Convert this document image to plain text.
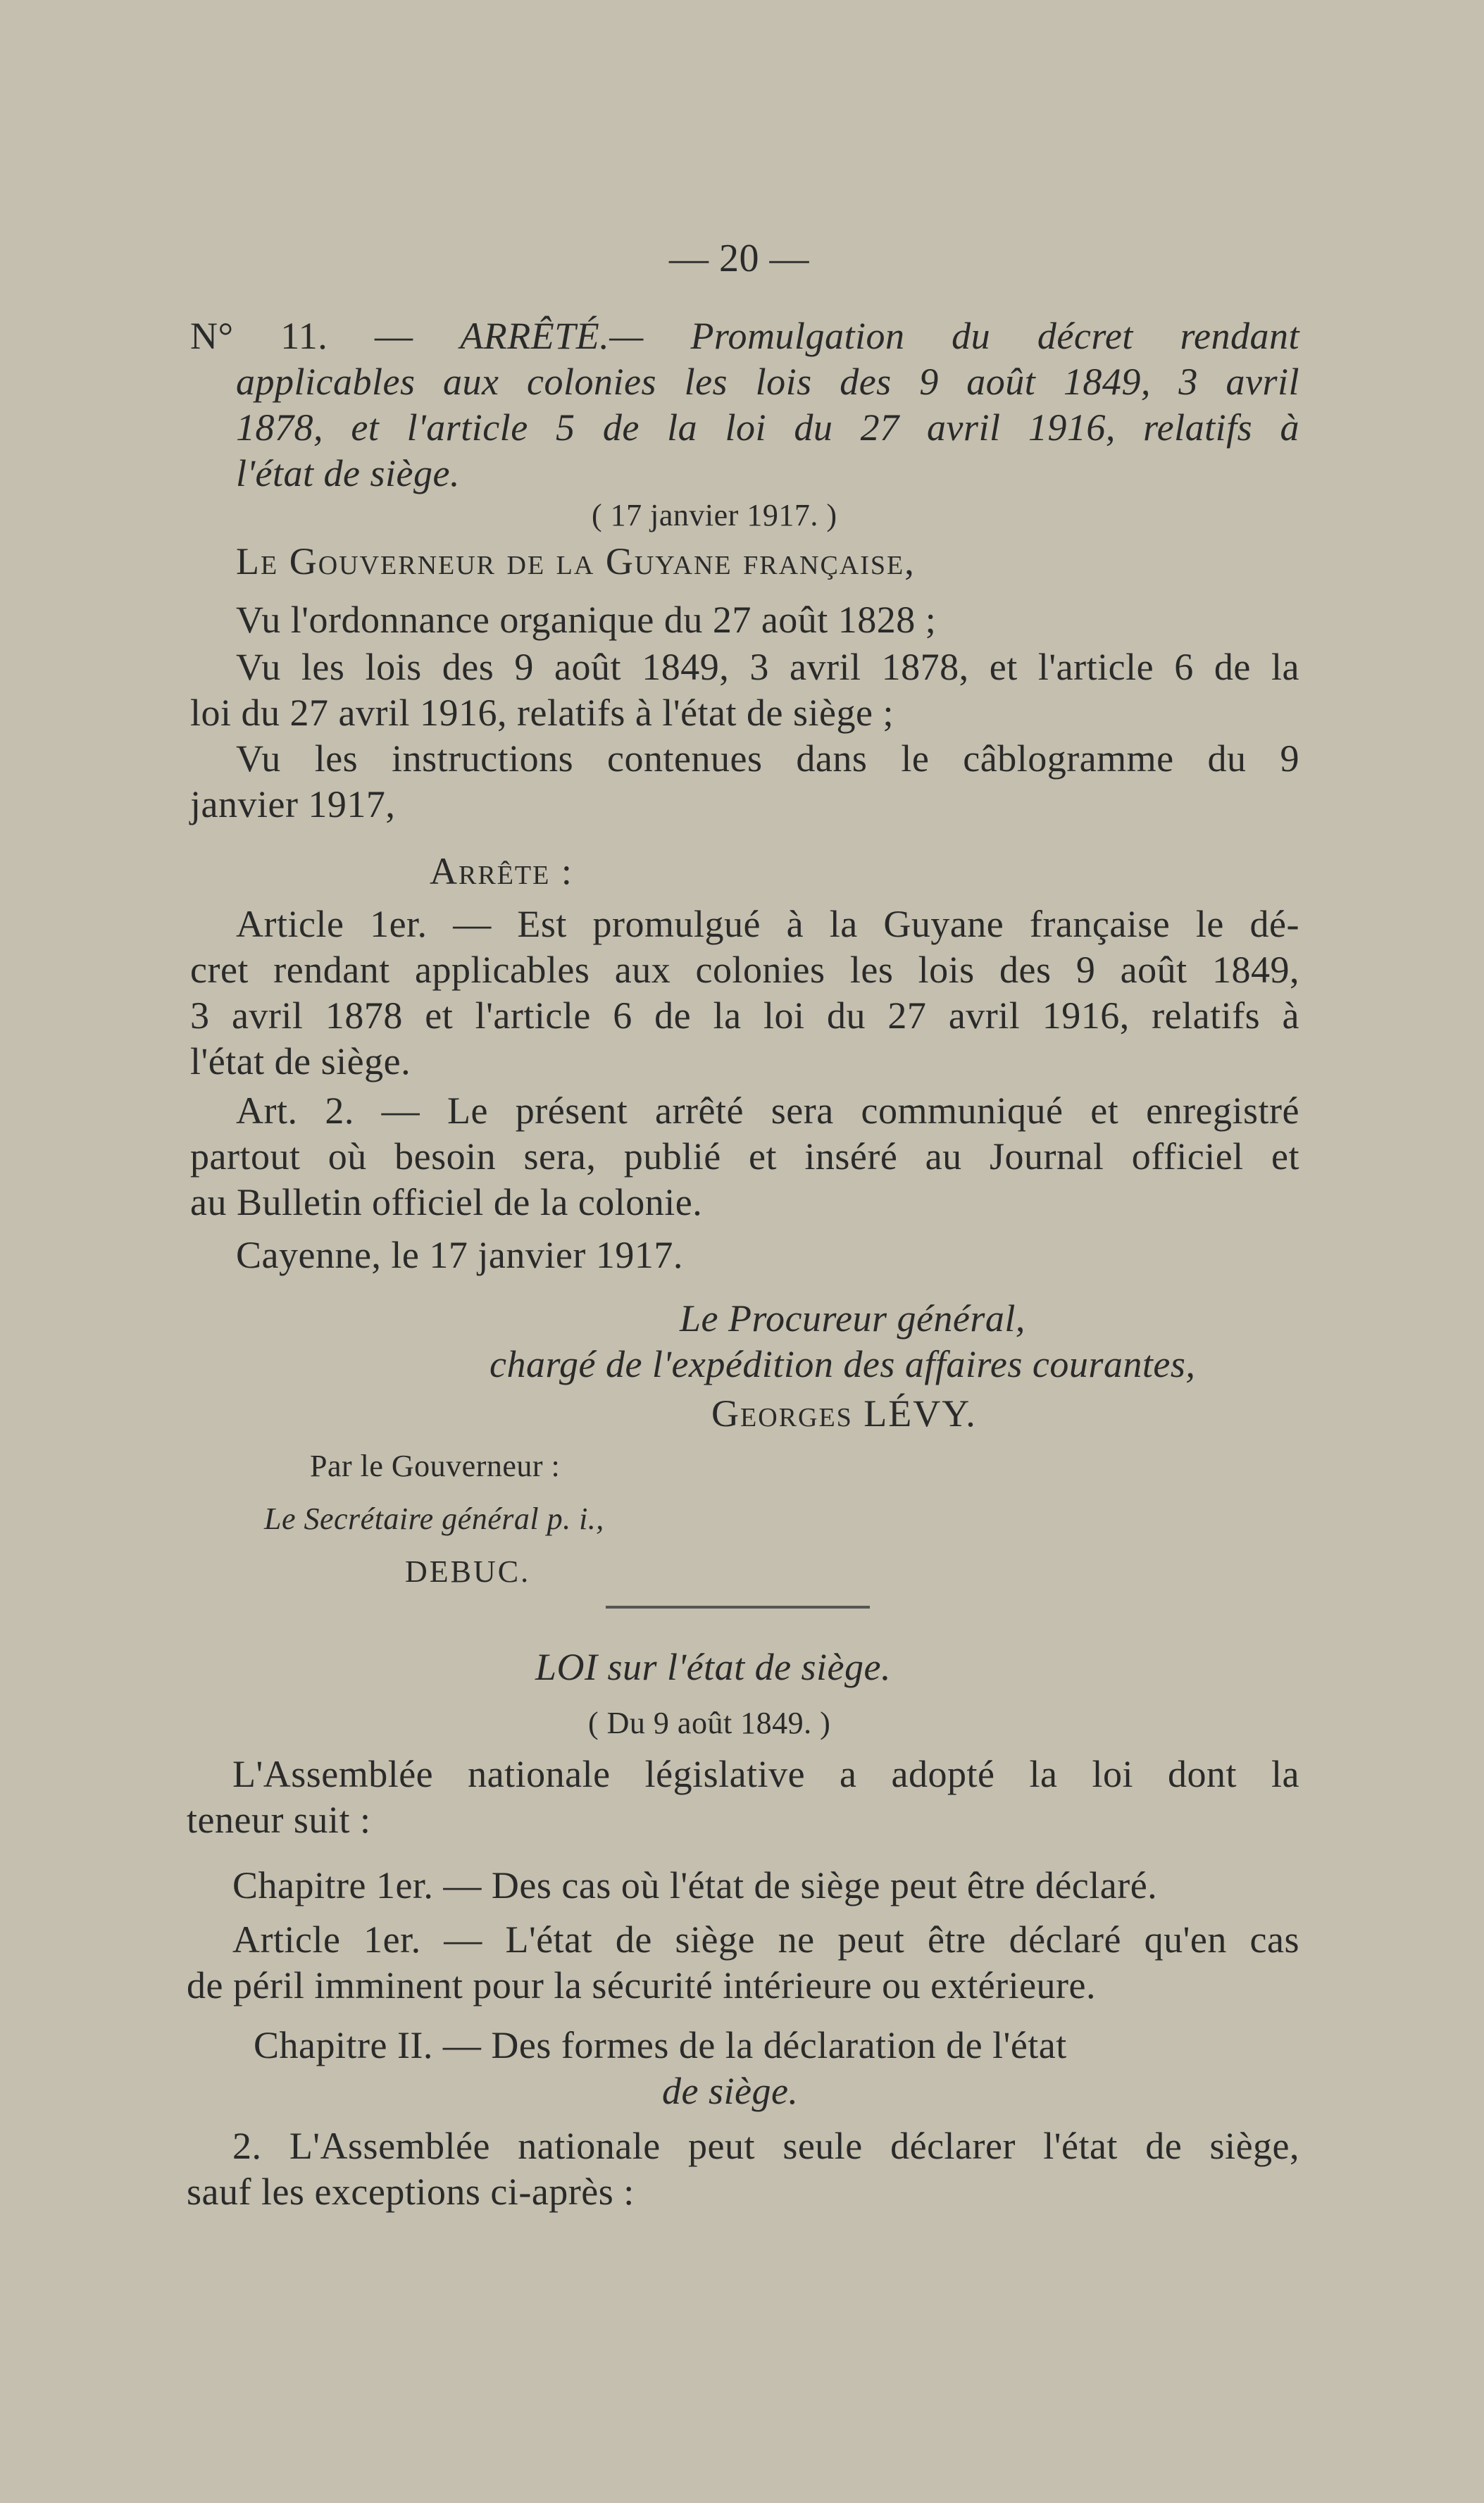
— 20 —
N° 11. — ARRÊTÉ.— Promulgation du décret rendant
applicables aux colonies les lois des 9 août 1849, 3 avril
1878, et l'article 5 de la loi du 27 avril 1916, relatifs à
l'état de siège.
( 17 janvier 1917. )
Le Gouverneur de la Guyane française,
Vu l'ordonnance organique du 27 août 1828 ;
Vu les lois des 9 août 1849, 3 avril 1878, et l'article 6 de la
loi du 27 avril 1916, relatifs à l'état de siège ;
Vu les instructions contenues dans le câblogramme du 9
janvier 1917,
Arrête :
Article 1er. — Est promulgué à la Guyane française le dé-
cret rendant applicables aux colonies les lois des 9 août 1849,
3 avril 1878 et l'article 6 de la loi du 27 avril 1916, relatifs à
l'état de siège.
Art. 2. — Le présent arrêté sera communiqué et enregistré
partout où besoin sera, publié et inséré au Journal officiel et
au Bulletin officiel de la colonie.
Cayenne, le 17 janvier 1917.
Le Procureur général,
chargé de l'expédition des affaires courantes,
Georges LÉVY.
Par le Gouverneur :
Le Secrétaire général p. i.,
DEBUC.
LOI sur l'état de siège.
( Du 9 août 1849. )
L'Assemblée nationale législative a adopté la loi dont la
teneur suit :
Chapitre 1er. — Des cas où l'état de siège peut être déclaré.
Article 1er. — L'état de siège ne peut être déclaré qu'en cas
de péril imminent pour la sécurité intérieure ou extérieure.
Chapitre II. — Des formes de la déclaration de l'état
de siège.
2. L'Assemblée nationale peut seule déclarer l'état de siège,
sauf les exceptions ci-après :
